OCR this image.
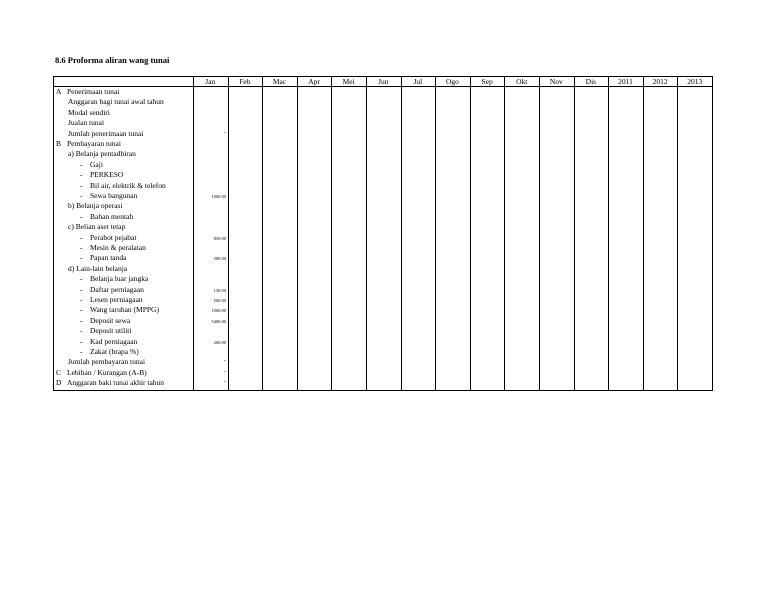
8.6 Proforma aliran wang tunai
Jan	Feb	Mac	Apr	Mei	Jun	Jul	Ogo	Sep	Okt	Nov	Dis	2011	2012	2013
A Penerimaan tunai
Anggaran bagi tunai awal tahun
Modal sendiri
Jualan tunai
Jumlah penerimaan tunai	-
B Pembayaran tunai
a) Belanja pentadbiran
- Gaji
- PERKESO
- Bil air, elektrik & telefon
- Sewa bangunan	1000.00
b) Belanja operasi
- Bahan mentah
c) Belian aset tetap
- Perabot pejabat	850.00
- Mesin & peralatan
- Papan tanda	500.00
d) Lain-lain belanja
- Belanja luar jangka
- Daftar perniagaan	130.00
- Lesen perniagaan	500.00
- Wang taruhan (MPPG)	1000.00
- Deposit sewa	5400.00
- Deposit utiliti
- Kad perniagaan	200.00
- Zakat (brapa %)
Jumlah pembayaran tunai	-
C Lebihan / Kurangan (A-B)	-
D Anggaran baki tunai akhir tahun	-
